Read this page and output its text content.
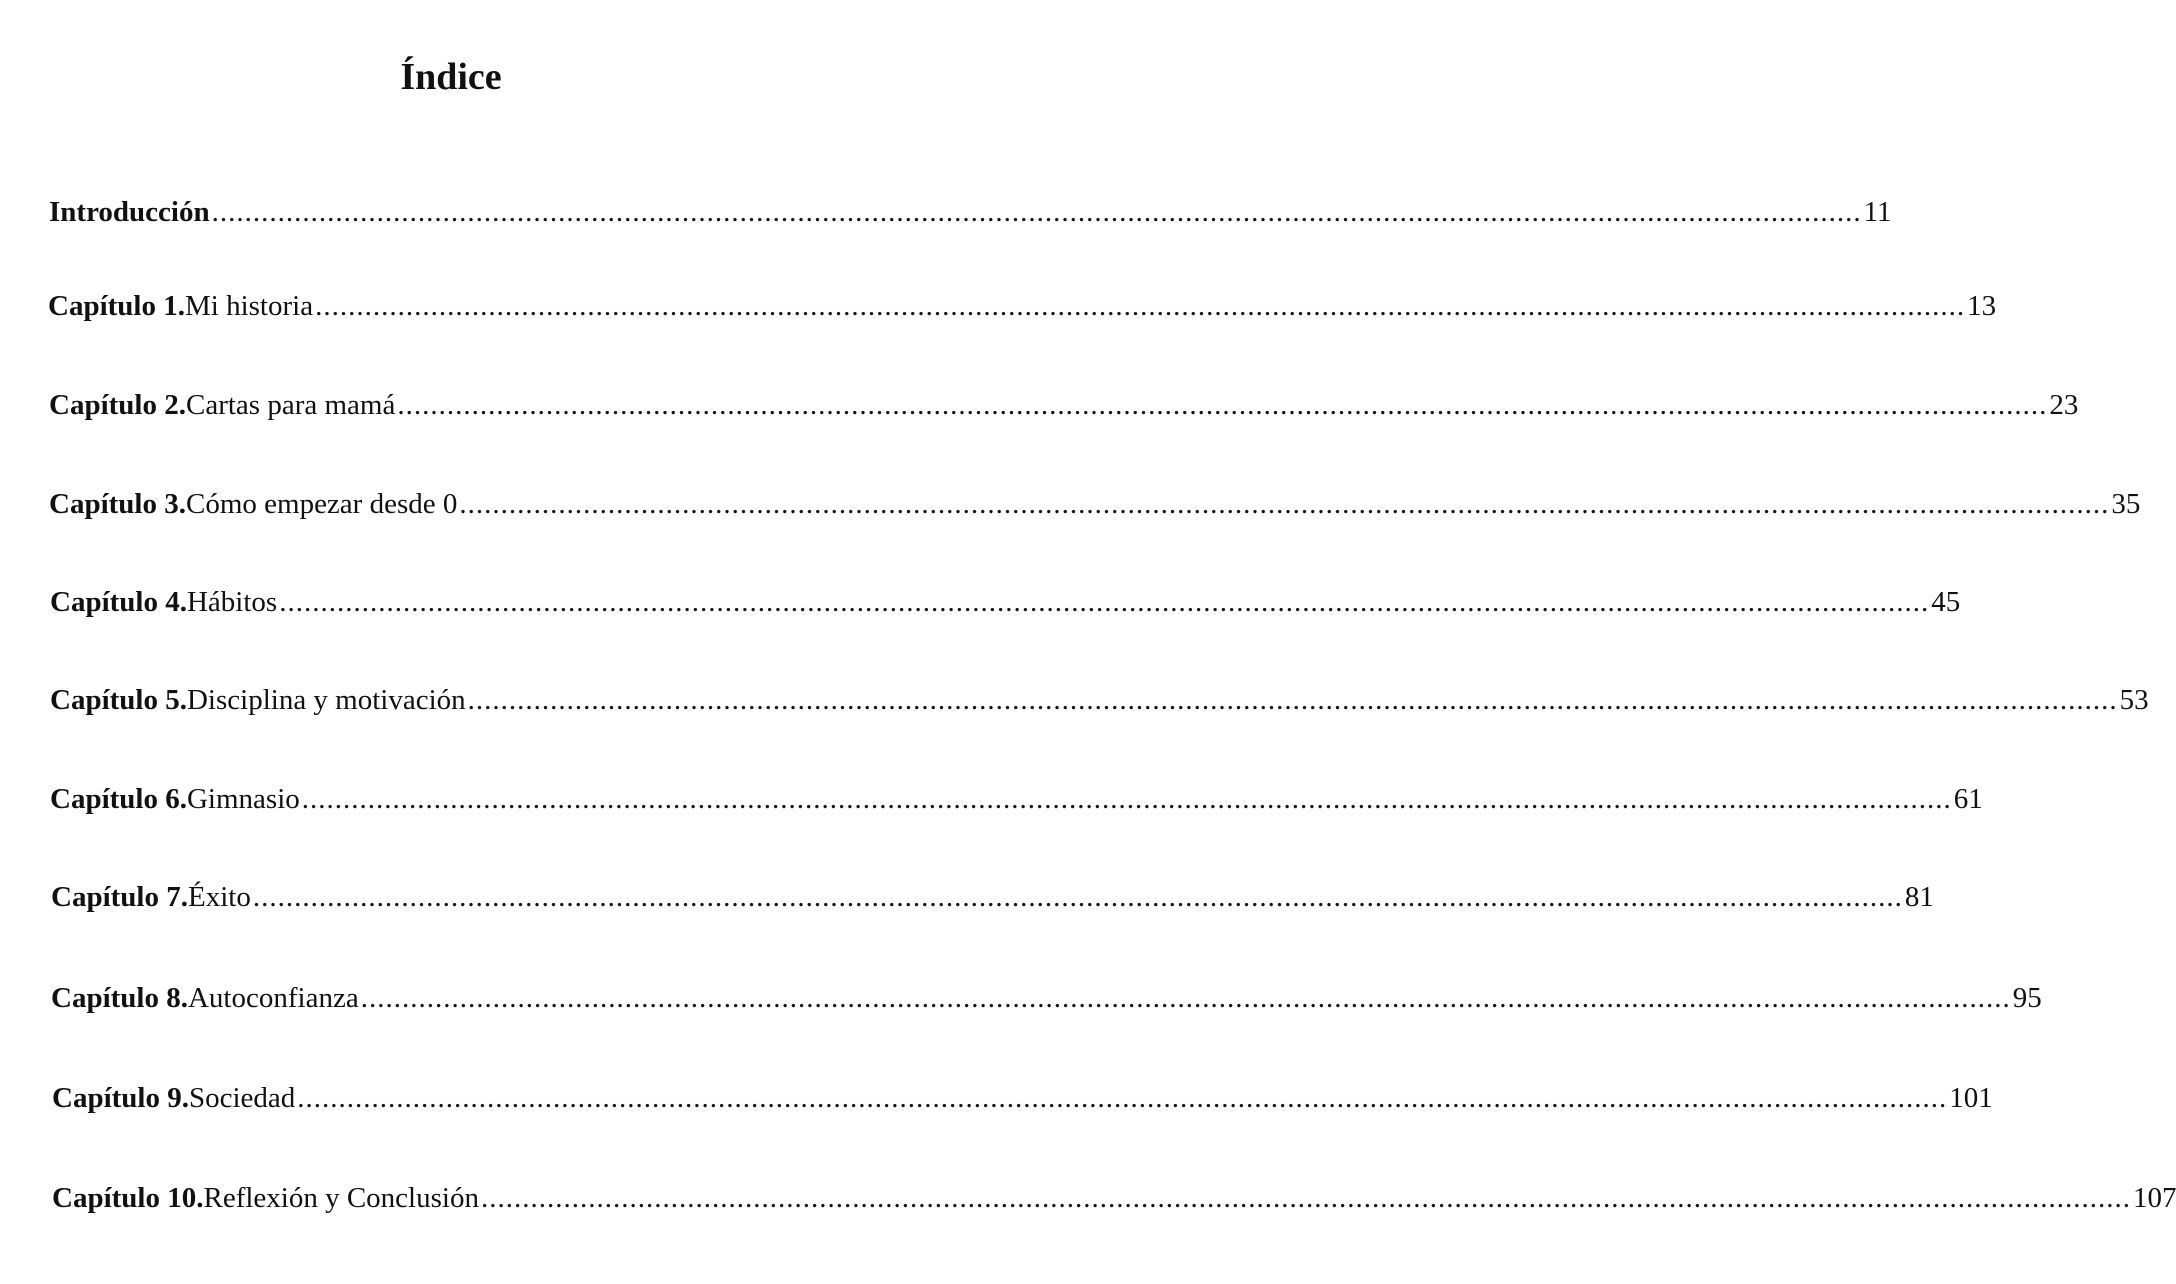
Índice
Introducción ........................................................................................................................................................................................................ 11
Capítulo 1. Mi historia ........................................................................................................................................................................................................ 13
Capítulo 2. Cartas para mamá ........................................................................................................................................................................................................ 23
Capítulo 3. Cómo empezar desde 0 ........................................................................................................................................................................................................ 35
Capítulo 4. Hábitos ........................................................................................................................................................................................................ 45
Capítulo 5. Disciplina y motivación ........................................................................................................................................................................................................ 53
Capítulo 6. Gimnasio ........................................................................................................................................................................................................ 61
Capítulo 7. Éxito ........................................................................................................................................................................................................ 81
Capítulo 8. Autoconfianza ........................................................................................................................................................................................................ 95
Capítulo 9. Sociedad ........................................................................................................................................................................................................ 101
Capítulo 10. Reflexión y Conclusión ........................................................................................................................................................................................................ 107
